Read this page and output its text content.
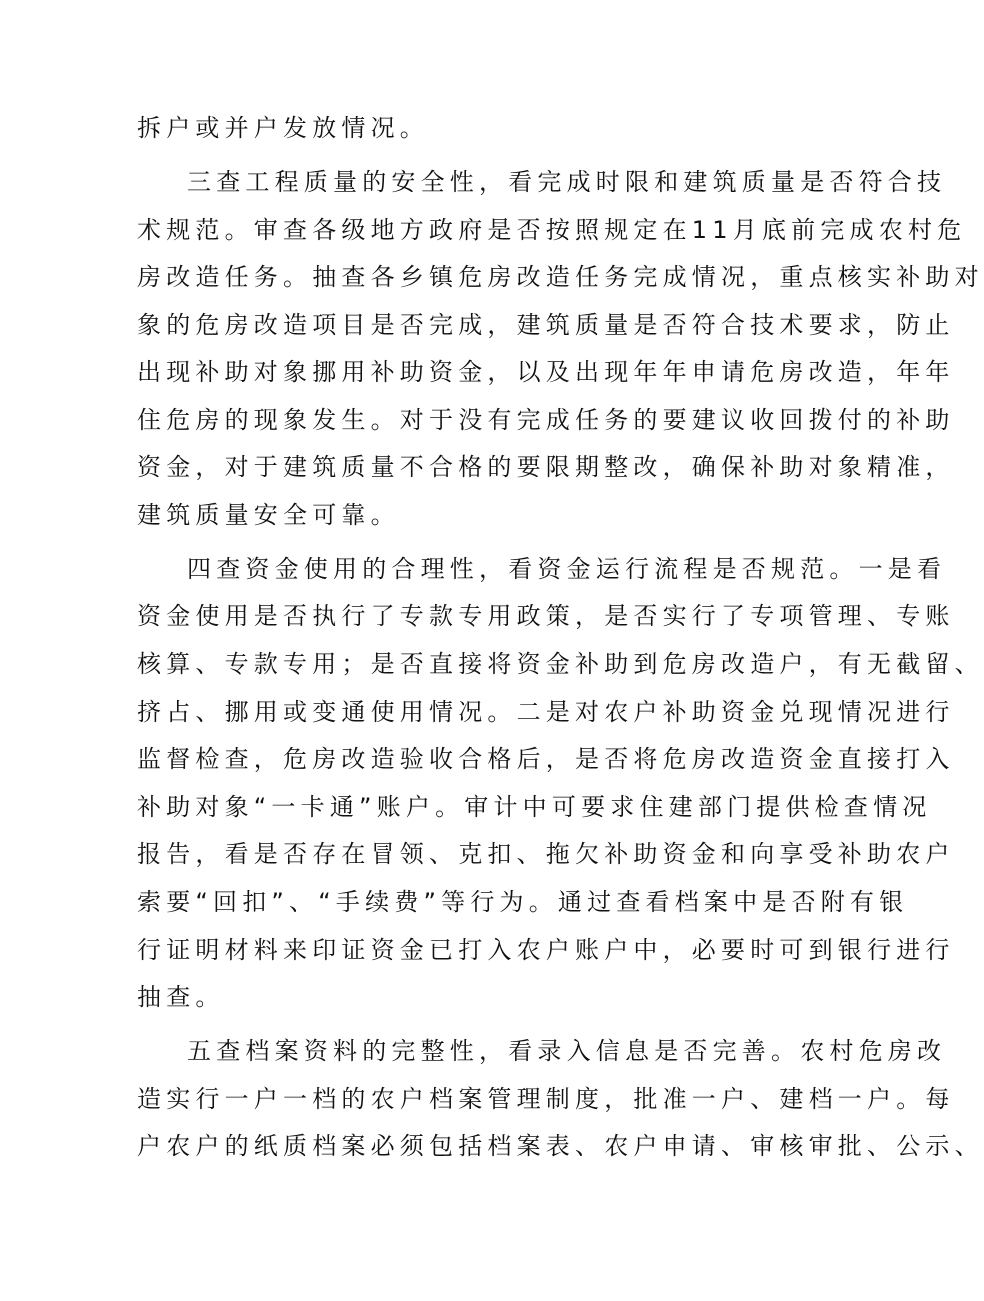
拆户或并户发放情况。
三查工程质量的安全性，看完成时限和建筑质量是否符合技
术规范。审查各级地方政府是否按照规定在11月底前完成农村危
房改造任务。抽查各乡镇危房改造任务完成情况，重点核实补助对
象的危房改造项目是否完成，建筑质量是否符合技术要求，防止
出现补助对象挪用补助资金，以及出现年年申请危房改造，年年
住危房的现象发生。对于没有完成任务的要建议收回拨付的补助
资金，对于建筑质量不合格的要限期整改，确保补助对象精准，
建筑质量安全可靠。
四查资金使用的合理性，看资金运行流程是否规范。一是看
资金使用是否执行了专款专用政策，是否实行了专项管理、专账
核算、专款专用；是否直接将资金补助到危房改造户，有无截留、
挤占、挪用或变通使用情况。二是对农户补助资金兑现情况进行
监督检查，危房改造验收合格后，是否将危房改造资金直接打入
补助对象“一卡通”账户。审计中可要求住建部门提供检查情况
报告，看是否存在冒领、克扣、拖欠补助资金和向享受补助农户
索要“回扣”、“手续费”等行为。通过查看档案中是否附有银
行证明材料来印证资金已打入农户账户中，必要时可到银行进行
抽查。
五查档案资料的完整性，看录入信息是否完善。农村危房改
造实行一户一档的农户档案管理制度，批准一户、建档一户。每
户农户的纸质档案必须包括档案表、农户申请、审核审批、公示、
